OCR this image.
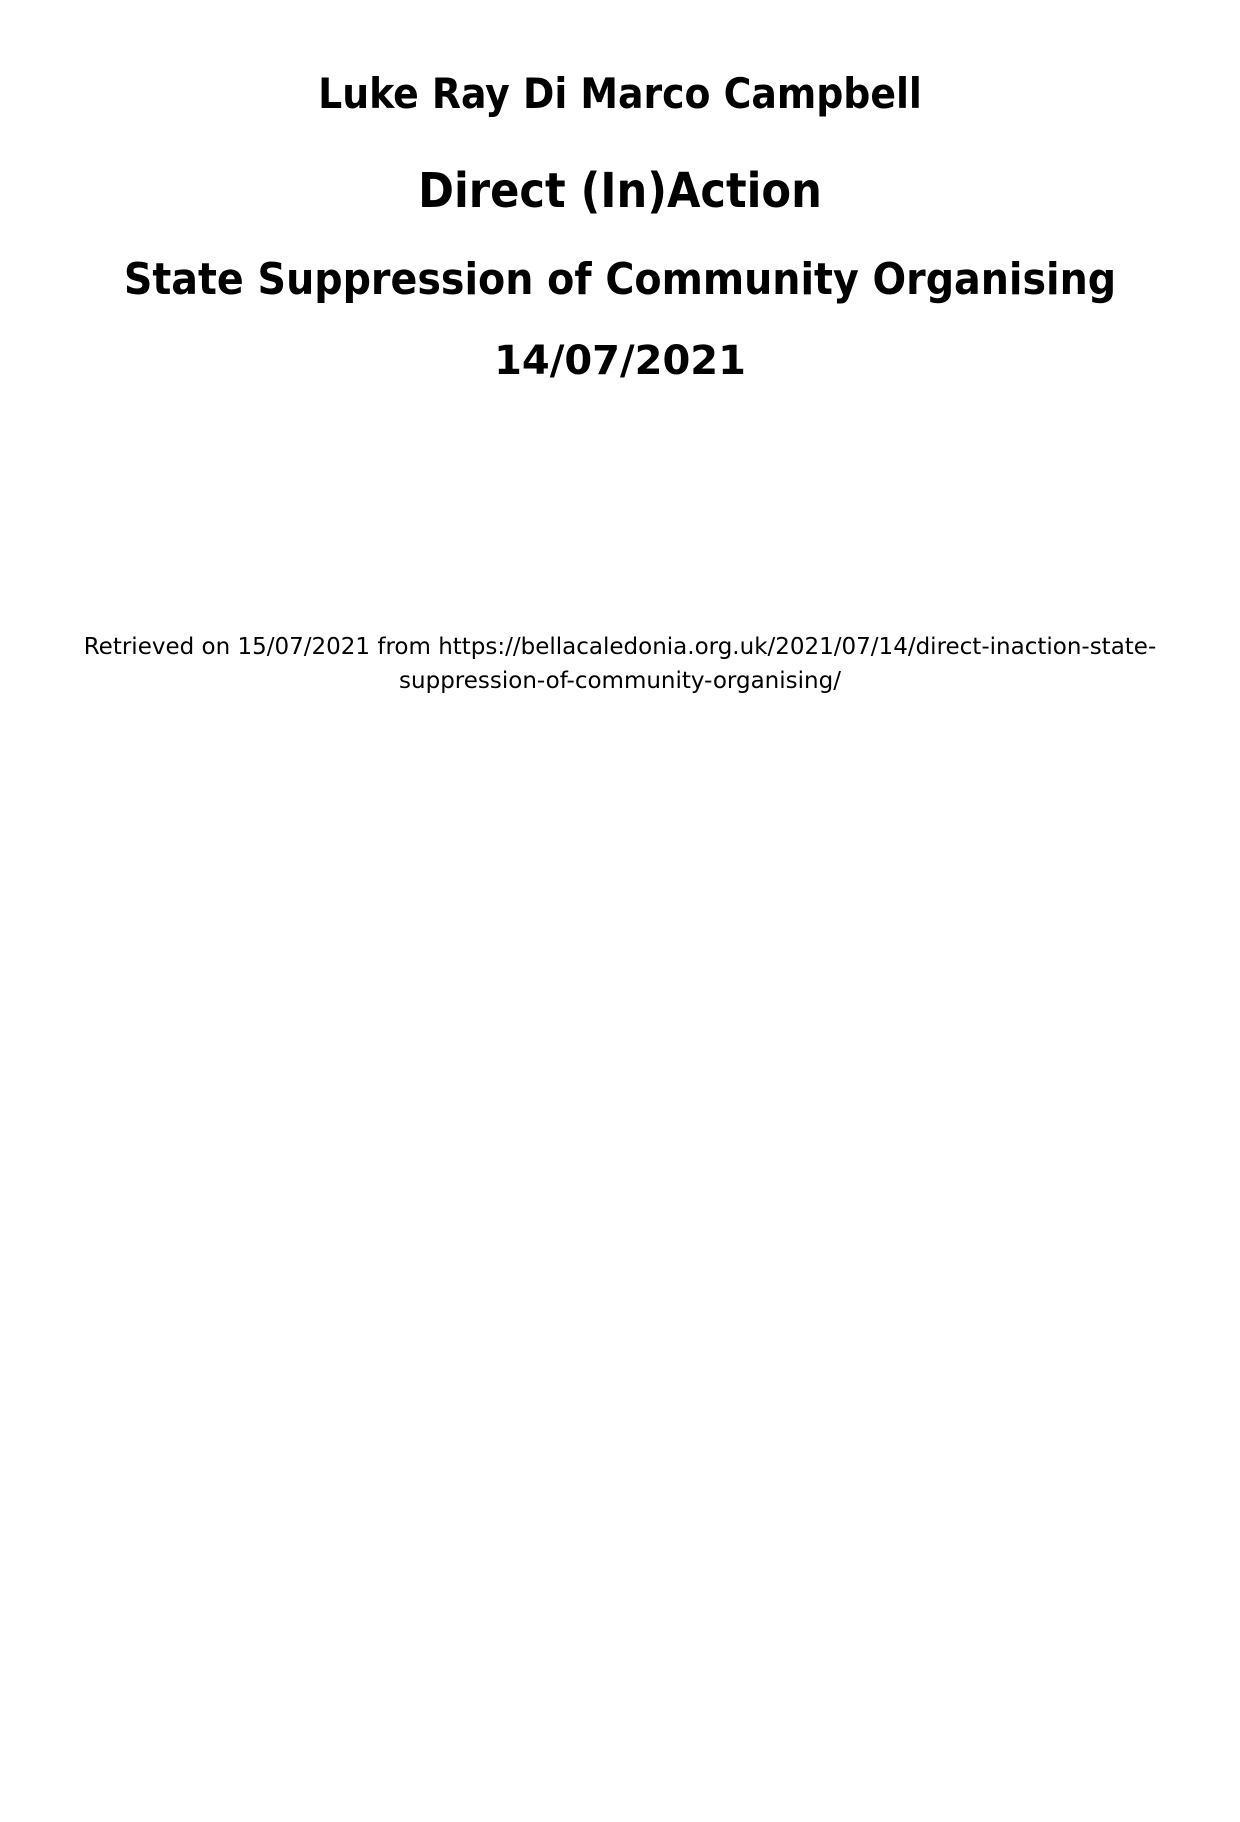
Luke Ray Di Marco Campbell
Direct (In)Action
State Suppression of Community Organising
14/07/2021
Retrieved on 15/07/2021 from https://bellacaledonia.org.uk/2021/07/14/direct-inaction-state-
suppression-of-community-organising/
